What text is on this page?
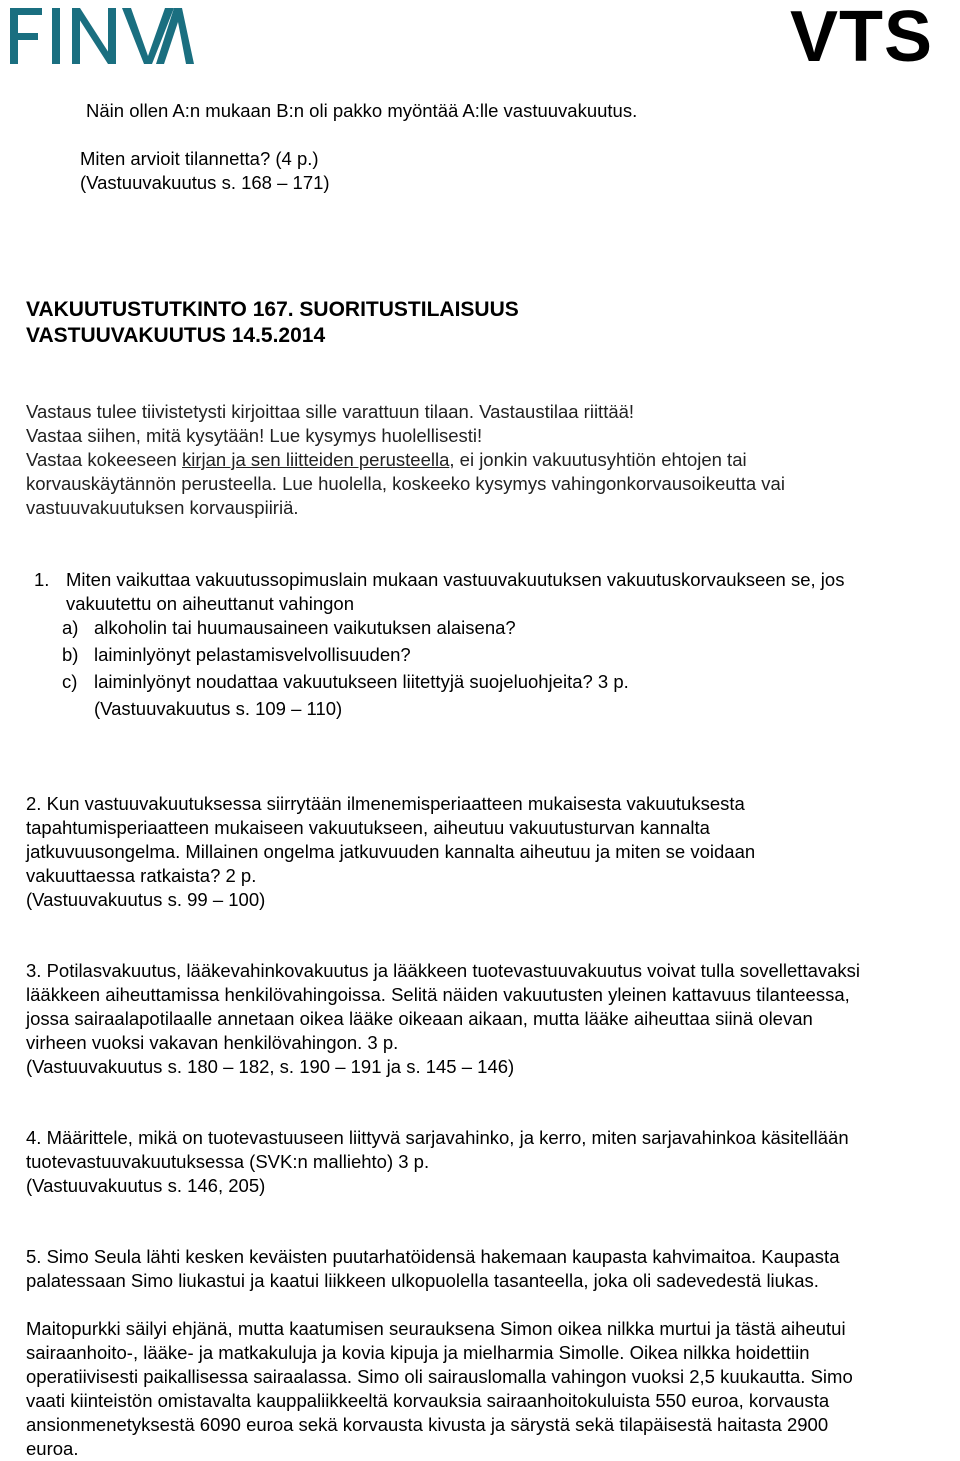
VTS
Näin ollen A:n mukaan B:n oli pakko myöntää A:lle vastuuvakuutus.
Miten arvioit tilannetta? (4 p.)
(Vastuuvakuutus s. 168 – 171)
VAKUUTUSTUTKINTO 167. SUORITUSTILAISUUS
VASTUUVAKUUTUS 14.5.2014
Vastaus tulee tiivistetysti kirjoittaa sille varattuun tilaan. Vastaustilaa riittää!
Vastaa siihen, mitä kysytään! Lue kysymys huolellisesti!
Vastaa kokeeseen kirjan ja sen liitteiden perusteella, ei jonkin vakuutusyhtiön ehtojen tai
korvauskäytännön perusteella. Lue huolella, koskeeko kysymys vahingonkorvausoikeutta vai
vastuuvakuutuksen korvauspiiriä.
1. Miten vaikuttaa vakuutussopimuslain mukaan vastuuvakuutuksen vakuutuskorvaukseen se, jos
vakuutettu on aiheuttanut vahingon
a) alkoholin tai huumausaineen vaikutuksen alaisena?
b) laiminlyönyt pelastamisvelvollisuuden?
c) laiminlyönyt noudattaa vakuutukseen liitettyjä suojeluohjeita? 3 p.
(Vastuuvakuutus s. 109 – 110)
2. Kun vastuuvakuutuksessa siirrytään ilmenemisperiaatteen mukaisesta vakuutuksesta
tapahtumisperiaatteen mukaiseen vakuutukseen, aiheutuu vakuutusturvan kannalta
jatkuvuusongelma. Millainen ongelma jatkuvuuden kannalta aiheutuu ja miten se voidaan
vakuuttaessa ratkaista? 2 p.
(Vastuuvakuutus s. 99 – 100)
3. Potilasvakuutus, lääkevahinkovakuutus ja lääkkeen tuotevastuuvakuutus voivat tulla sovellettavaksi
lääkkeen aiheuttamissa henkilövahingoissa. Selitä näiden vakuutusten yleinen kattavuus tilanteessa,
jossa sairaalapotilaalle annetaan oikea lääke oikeaan aikaan, mutta lääke aiheuttaa siinä olevan
virheen vuoksi vakavan henkilövahingon. 3 p.
(Vastuuvakuutus s. 180 – 182, s. 190 – 191 ja s. 145 – 146)
4. Määrittele, mikä on tuotevastuuseen liittyvä sarjavahinko, ja kerro, miten sarjavahinkoa käsitellään
tuotevastuuvakuutuksessa (SVK:n malliehto) 3 p.
(Vastuuvakuutus s. 146, 205)
5. Simo Seula lähti kesken keväisten puutarhatöidensä hakemaan kaupasta kahvimaitoa. Kaupasta
palatessaan Simo liukastui ja kaatui liikkeen ulkopuolella tasanteella, joka oli sadevedestä liukas.
Maitopurkki säilyi ehjänä, mutta kaatumisen seurauksena Simon oikea nilkka murtui ja tästä aiheutui
sairaanhoito-, lääke- ja matkakuluja ja kovia kipuja ja mielharmia Simolle. Oikea nilkka hoidettiin
operatiivisesti paikallisessa sairaalassa. Simo oli sairauslomalla vahingon vuoksi 2,5 kuukautta. Simo
vaati kiinteistön omistavalta kauppaliikkeeltä korvauksia sairaanhoitokuluista 550 euroa, korvausta
ansionmenetyksestä 6090 euroa sekä korvausta kivusta ja särystä sekä tilapäisestä haitasta 2900
euroa.
